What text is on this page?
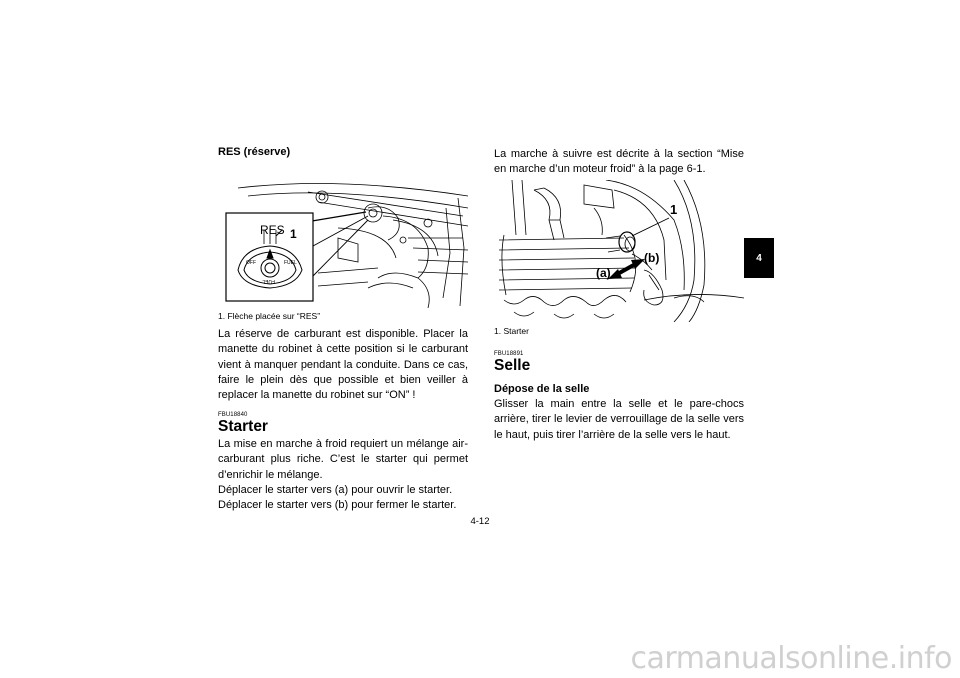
RES (réserve)
RES 1
OFF	FUEL
FUEL
1. Flèche placée sur “RES”

La réserve de carburant est disponible. Placer la manette du robinet à cette position si le carburant vient à manquer pendant la conduite. Dans ce cas, faire le plein dès que possible et bien veiller à replacer la manette du robinet sur “ON” !

FBU18840
Starter
La mise en marche à froid requiert un mélange air-carburant plus riche. C’est le starter qui permet d’enrichir le mélange.
Déplacer le starter vers (a) pour ouvrir le starter.
Déplacer le starter vers (b) pour fermer le starter.

La marche à suivre est décrite à la section “Mise en marche d’un moteur froid” à la page 6-1.

1
(a)
(b)
1. Starter
FBU18891
Selle
Dépose de la selle

Glisser la main entre la selle et le pare-chocs arrière, tirer le levier de verrouillage de la selle vers le haut, puis tirer l’arrière de la selle vers le haut.

4
4-12
carmanualsonline.info
